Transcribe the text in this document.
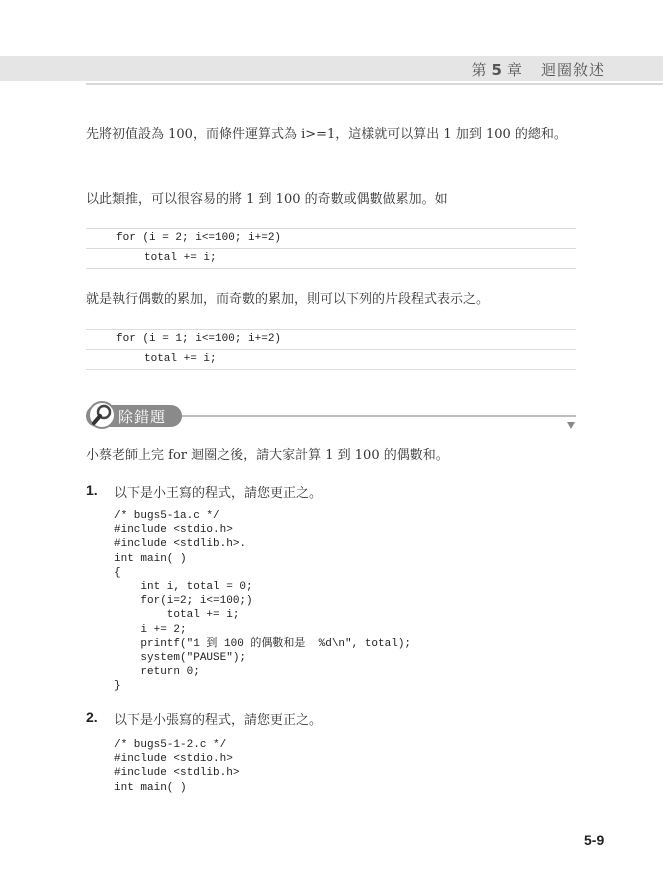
第 5 章 迴圈敘述
先將初值設為 100，而條件運算式為 i>=1，這樣就可以算出 1 加到 100 的總和。
以此類推，可以很容易的將 1 到 100 的奇數或偶數做累加。如
for (i = 2; i<=100; i+=2)
total += i;
就是執行偶數的累加，而奇數的累加，則可以下列的片段程式表示之。
for (i = 1; i<=100; i+=2)
total += i;
除錯題
小蔡老師上完 for 迴圈之後，請大家計算 1 到 100 的偶數和。
1. 以下是小王寫的程式，請您更正之。
/* bugs5-1a.c */
#include <stdio.h>
#include <stdlib.h>.
int main( )
{
int i, total = 0;
for(i=2; i<=100;)
total += i;
i += 2;
printf("1 到 100 的偶數和是  %d\n", total);
system("PAUSE");
return 0;
}
2. 以下是小張寫的程式，請您更正之。
/* bugs5-1-2.c */
#include <stdio.h>
#include <stdlib.h>
int main( )
5-9
